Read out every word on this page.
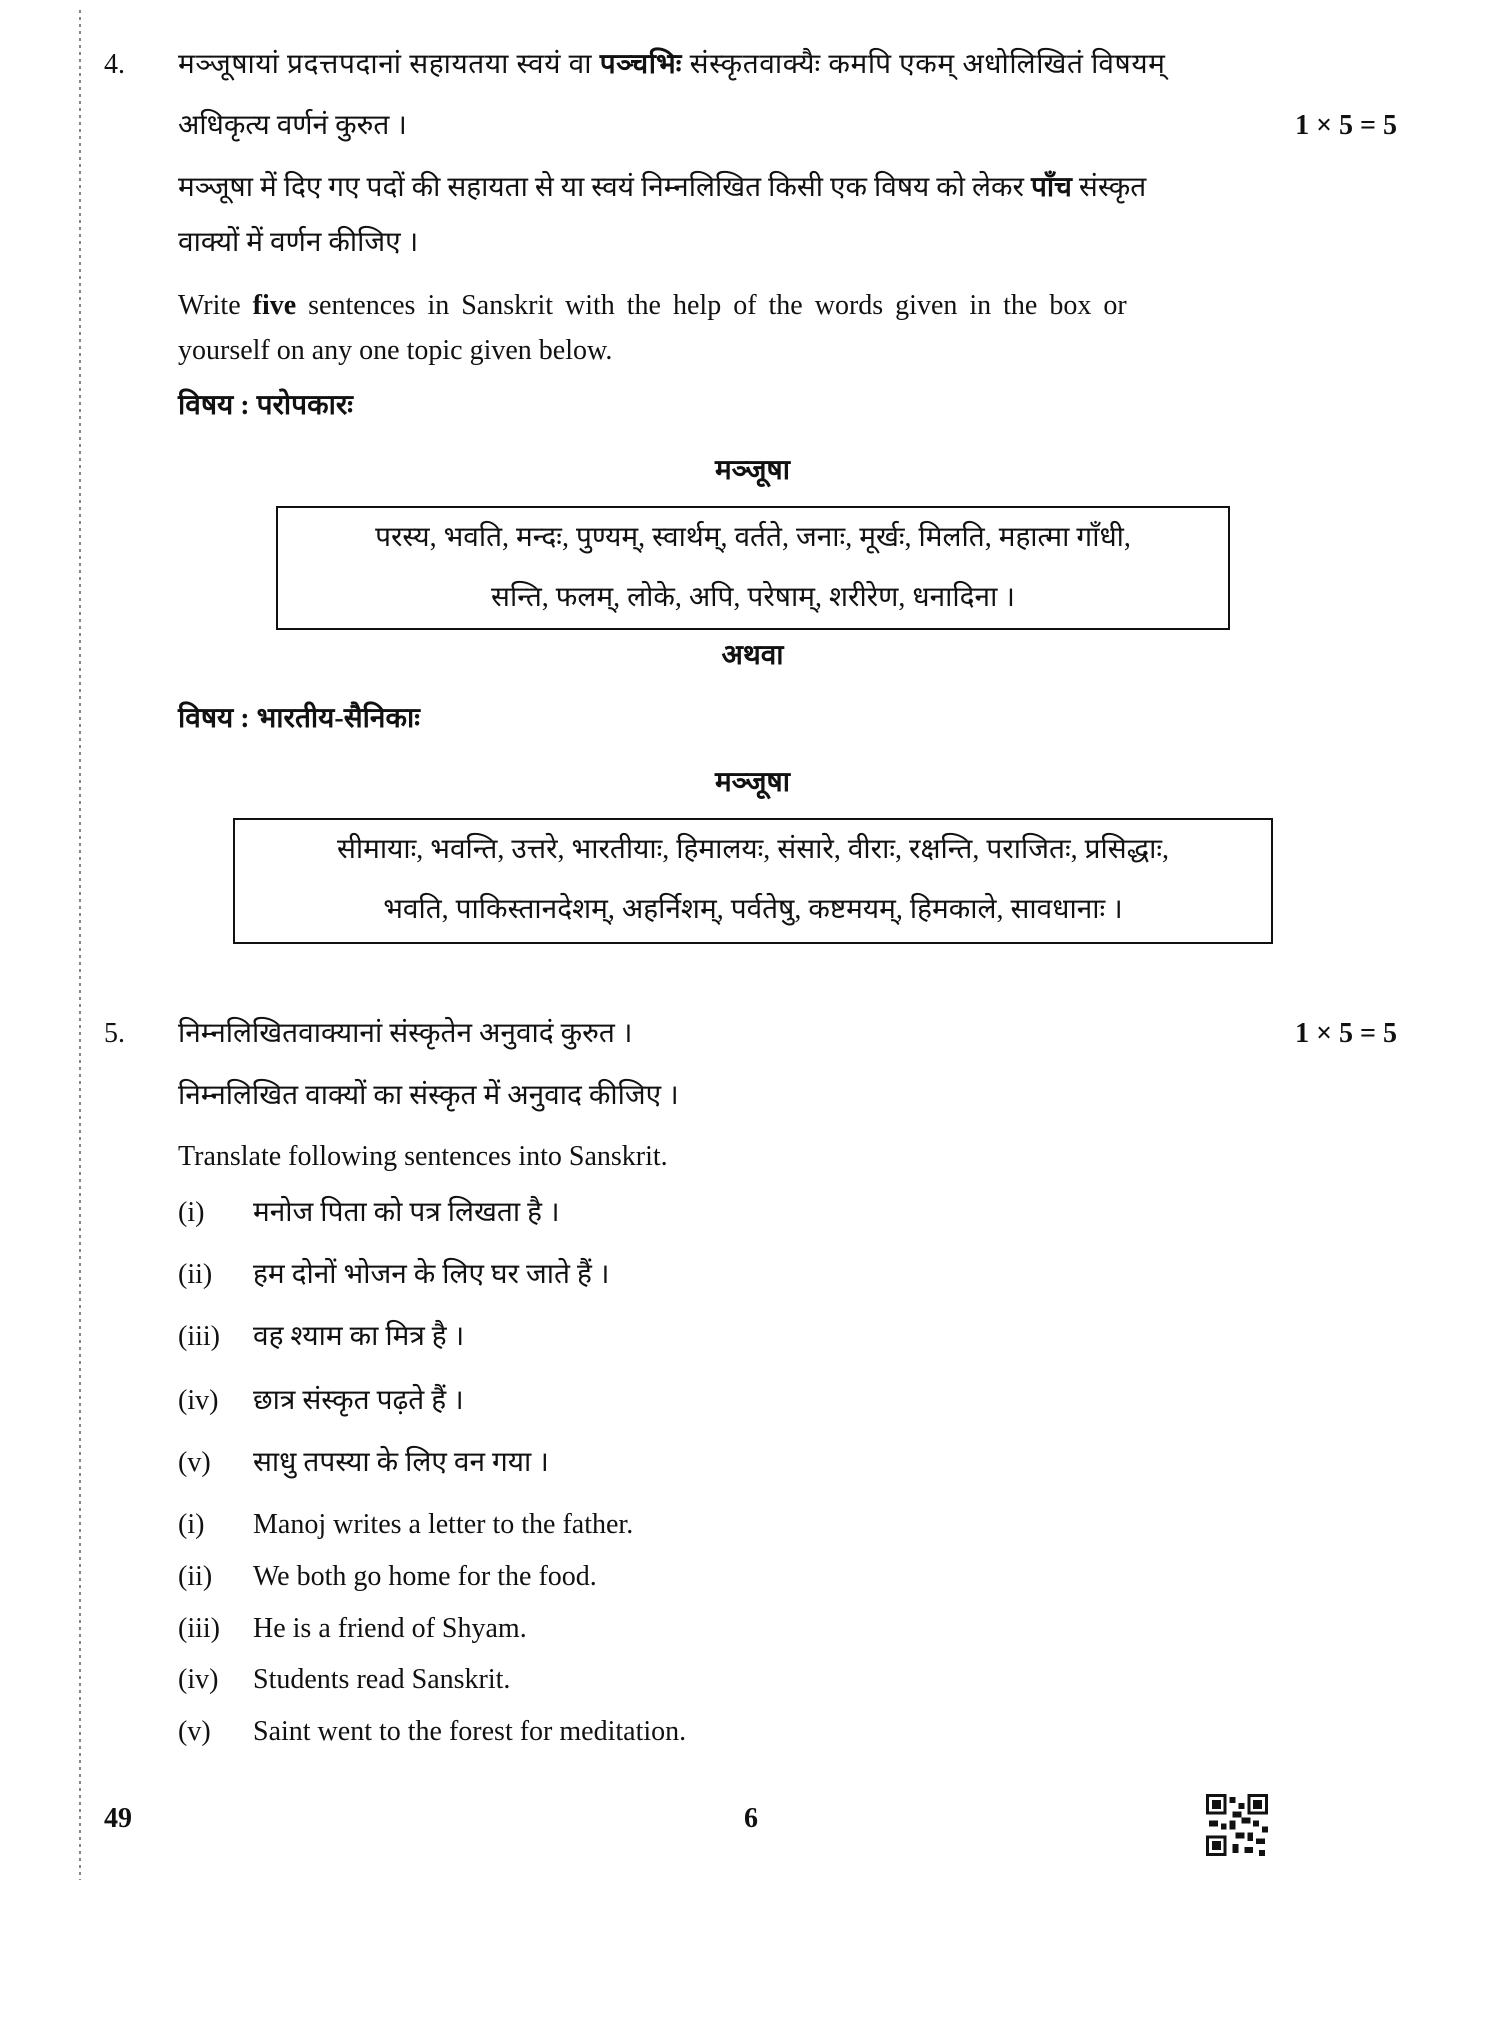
4. मञ्जूषायां प्रदत्तपदानां सहायतया स्वयं वा पञ्चभिः संस्कृतवाक्यैः कमपि एकम् अधोलिखितं विषयम्
अधिकृत्य वर्णनं कुरुत ।	1 × 5 = 5
मञ्जूषा में दिए गए पदों की सहायता से या स्वयं निम्नलिखित किसी एक विषय को लेकर पाँच संस्कृत
वाक्यों में वर्णन कीजिए ।
Write five sentences in Sanskrit with the help of the words given in the box or
yourself on any one topic given below.
विषय : परोपकारः
मञ्जूषा
परस्य, भवति, मन्दः, पुण्यम्, स्वार्थम्, वर्तते, जनाः, मूर्खः, मिलति, महात्मा गाँधी,
सन्ति, फलम्, लोके, अपि, परेषाम्, शरीरेण, धनादिना ।
अथवा
विषय : भारतीय-सैनिकाः
मञ्जूषा
सीमायाः, भवन्ति, उत्तरे, भारतीयाः, हिमालयः, संसारे, वीराः, रक्षन्ति, पराजितः, प्रसिद्धाः,
भवति, पाकिस्तानदेशम्, अहर्निशम्, पर्वतेषु, कष्टमयम्, हिमकाले, सावधानाः ।
5. निम्नलिखितवाक्यानां संस्कृतेन अनुवादं कुरुत ।	1 × 5 = 5
निम्नलिखित वाक्यों का संस्कृत में अनुवाद कीजिए ।
Translate following sentences into Sanskrit.
(i) मनोज पिता को पत्र लिखता है ।
(ii) हम दोनों भोजन के लिए घर जाते हैं ।
(iii) वह श्याम का मित्र है ।
(iv) छात्र संस्कृत पढ़ते हैं ।
(v) साधु तपस्या के लिए वन गया ।
(i) Manoj writes a letter to the father.
(ii) We both go home for the food.
(iii) He is a friend of Shyam.
(iv) Students read Sanskrit.
(v) Saint went to the forest for meditation.
49	6
